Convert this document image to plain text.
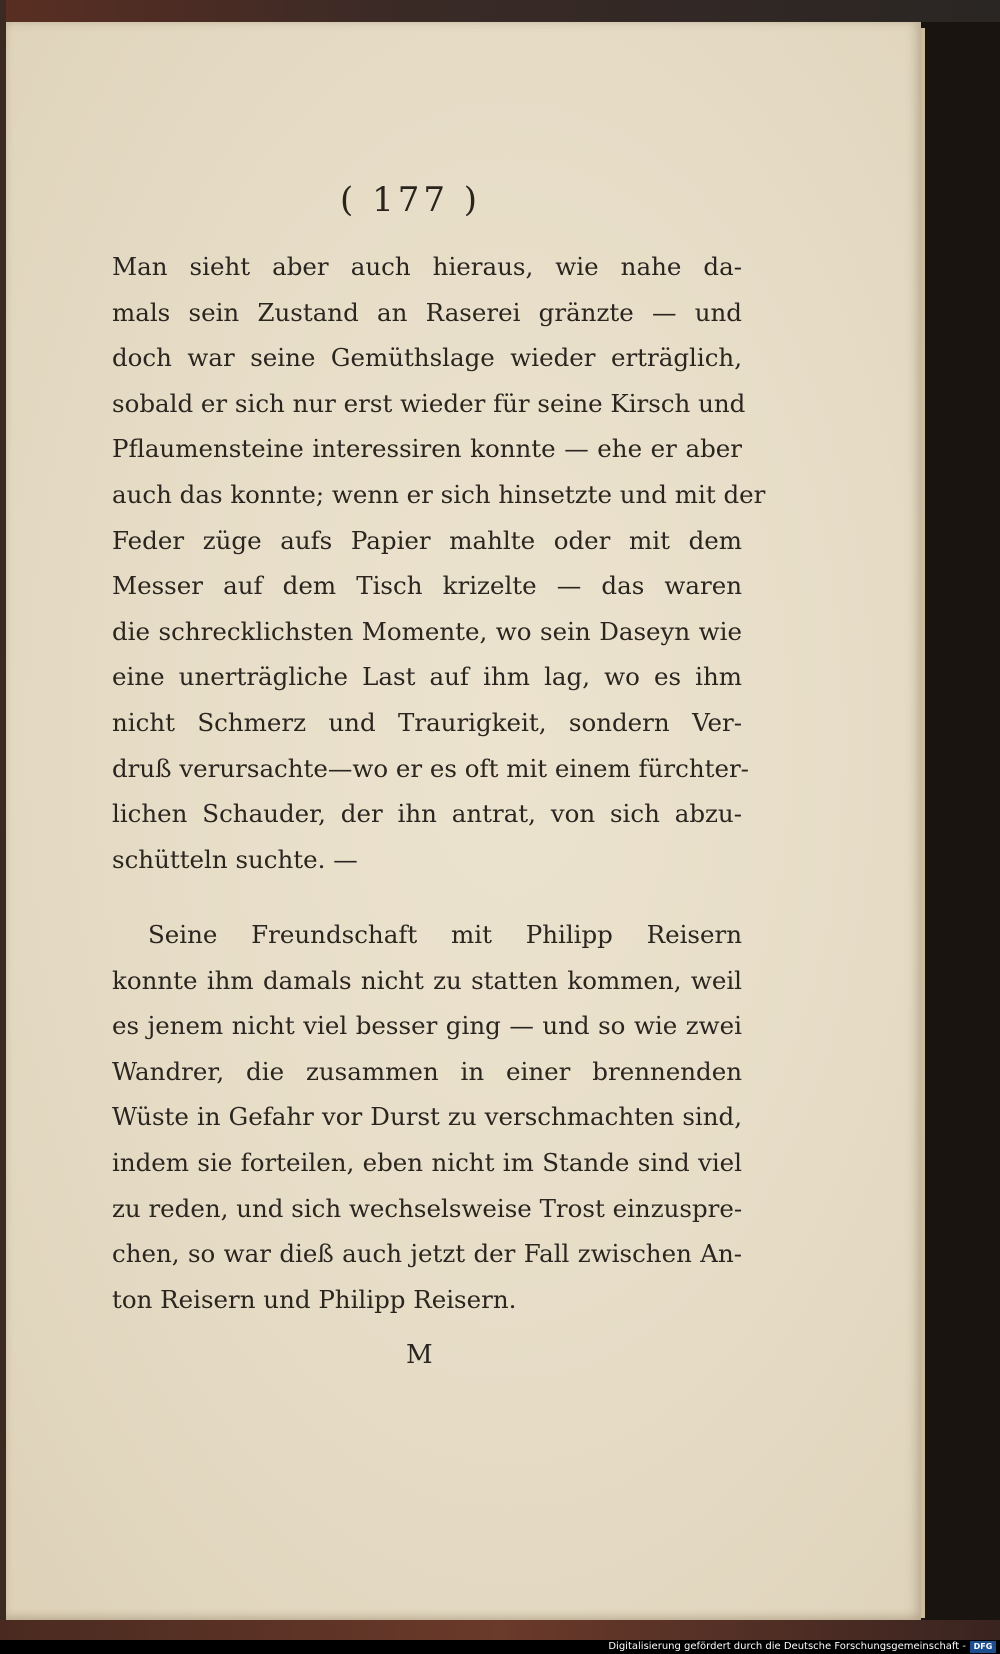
( 177 )
Man sieht aber auch hieraus, wie nahe da-
mals sein Zustand an Raserei gränzte — und
doch war seine Gemüthslage wieder erträglich,
sobald er sich nur erst wieder für seine Kirsch und
Pflaumensteine interessiren konnte — ehe er aber
auch das konnte; wenn er sich hinsetzte und mit der
Feder züge aufs Papier mahlte oder mit dem
Messer auf dem Tisch krizelte — das waren
die schrecklichsten Momente, wo sein Daseyn wie
eine unerträgliche Last auf ihm lag, wo es ihm
nicht Schmerz und Traurigkeit, sondern Ver-
druß verursachte—wo er es oft mit einem fürchter-
lichen Schauder, der ihn antrat, von sich abzu-
schütteln suchte. —
Seine Freundschaft mit Philipp Reisern
konnte ihm damals nicht zu statten kommen, weil
es jenem nicht viel besser ging — und so wie zwei
Wandrer, die zusammen in einer brennenden
Wüste in Gefahr vor Durst zu verschmachten sind,
indem sie forteilen, eben nicht im Stande sind viel
zu reden, und sich wechselsweise Trost einzuspre-
chen, so war dieß auch jetzt der Fall zwischen An-
ton Reisern und Philipp Reisern.
M
Digitalisierung gefördert durch die Deutsche Forschungsgemeinschaft - DFG
